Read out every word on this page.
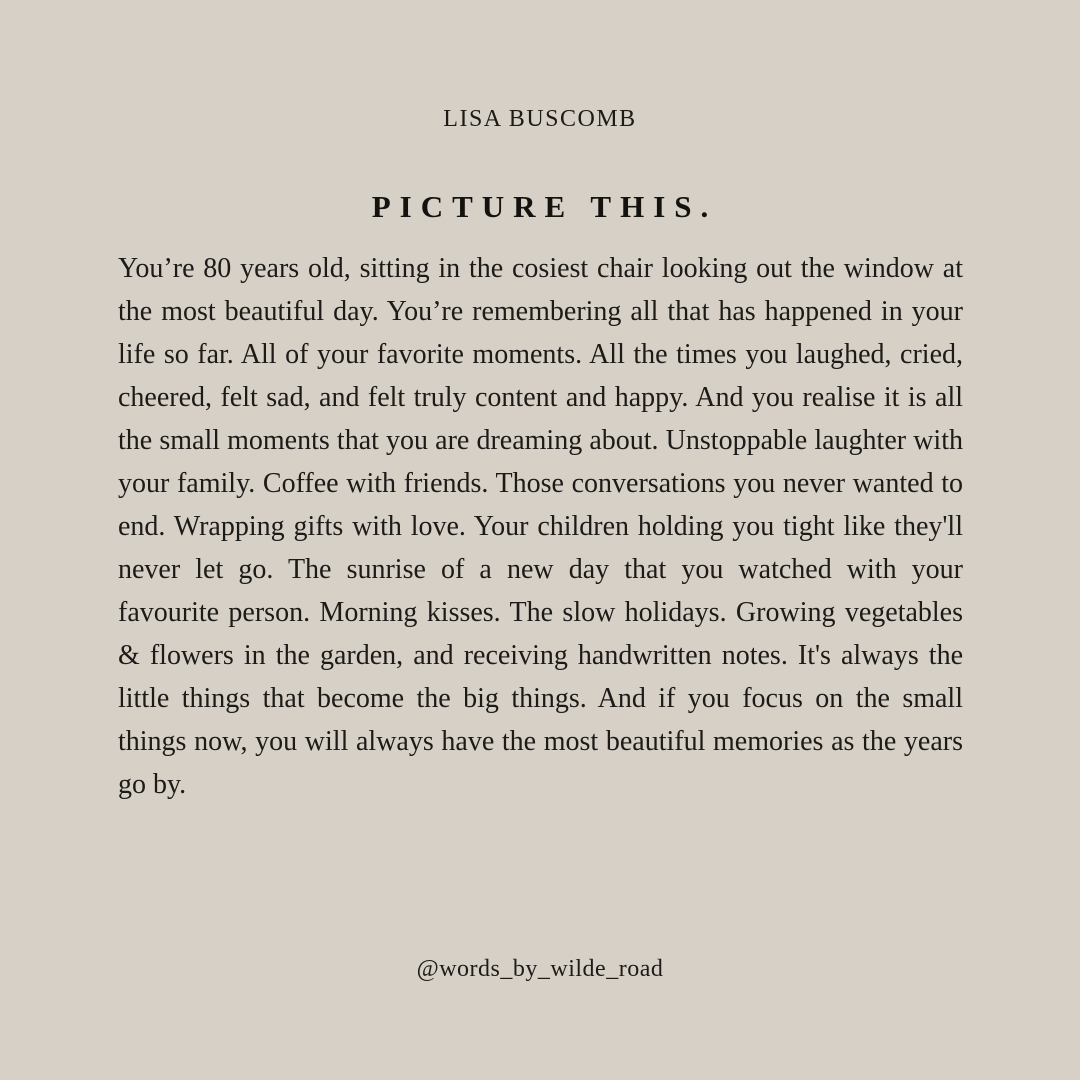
LISA BUSCOMB
PICTURE THIS.

You’re 80 years old, sitting in the cosiest chair looking out the window at the most beautiful day. You’re remembering all that has happened in your life so far. All of your favorite moments. All the times you laughed, cried, cheered, felt sad, and felt truly content and happy. And you realise it is all the small moments that you are dreaming about. Unstoppable laughter with your family. Coffee with friends. Those conversations you never wanted to end. Wrapping gifts with love. Your children holding you tight like they'll never let go. The sunrise of a new day that you watched with your favourite person. Morning kisses. The slow holidays. Growing vegetables & flowers in the garden, and receiving handwritten notes. It's always the little things that become the big things. And if you focus on the small things now, you will always have the most beautiful memories as the years go by.

@words_by_wilde_road
